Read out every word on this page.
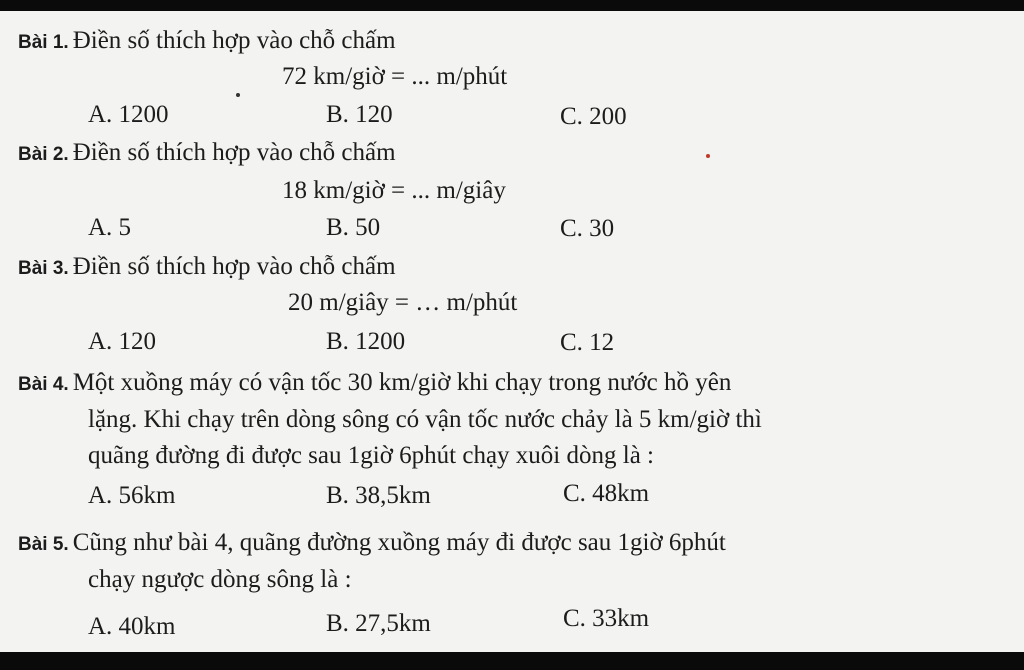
Bài 1. Điền số thích hợp vào chỗ chấm
72 km/giờ = ... m/phút
A. 1200	B. 120	C. 200
Bài 2. Điền số thích hợp vào chỗ chấm
18 km/giờ = ... m/giây
A. 5	B. 50	C. 30
Bài 3. Điền số thích hợp vào chỗ chấm
20 m/giây = … m/phút
A. 120	B. 1200	C. 12
Bài 4. Một xuồng máy có vận tốc 30 km/giờ khi chạy trong nước hồ yên
lặng. Khi chạy trên dòng sông có vận tốc nước chảy là 5 km/giờ thì
quãng đường đi được sau 1giờ 6phút chạy xuôi dòng là :
A. 56km	B. 38,5km	C. 48km
Bài 5. Cũng như bài 4, quãng đường xuồng máy đi được sau 1giờ 6phút
chạy ngược dòng sông là :
A. 40km	B. 27,5km	C. 33km
